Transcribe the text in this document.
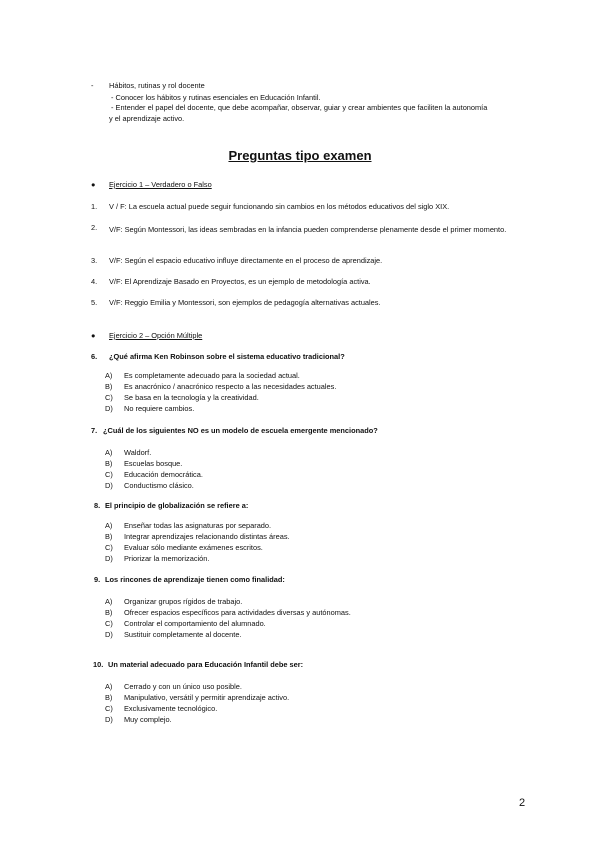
- Hábitos, rutinas y rol docente
- Conocer los hábitos y rutinas esenciales en Educación Infantil.
- Entender el papel del docente, que debe acompañar, observar, guiar y crear ambientes que faciliten la autonomía
y el aprendizaje activo.
Preguntas tipo examen
● Ejercicio 1 – Verdadero o Falso
1. V / F: La escuela actual puede seguir funcionando sin cambios en los métodos educativos del siglo XIX.
2. V/F: Según Montessori, las ideas sembradas en la infancia pueden comprenderse plenamente desde el primer momento.
3. V/F: Según el espacio educativo influye directamente en el proceso de aprendizaje.
4. V/F: El Aprendizaje Basado en Proyectos, es un ejemplo de metodología activa.
5. V/F: Reggio Emilia y Montessori, son ejemplos de pedagogía alternativas actuales.
● Ejercicio 2 – Opción Múltiple
6. ¿Qué afirma Ken Robinson sobre el sistema educativo tradicional?
A) Es completamente adecuado para la sociedad actual.
B) Es anacrónico / anacrónico respecto a las necesidades actuales.
C) Se basa en la tecnología y la creatividad.
D) No requiere cambios.
7. ¿Cuál de los siguientes NO es un modelo de escuela emergente mencionado?
A) Waldorf.
B) Escuelas bosque.
C) Educación democrática.
D) Conductismo clásico.
8. El principio de globalización se refiere a:
A) Enseñar todas las asignaturas por separado.
B) Integrar aprendizajes relacionando distintas áreas.
C) Evaluar sólo mediante exámenes escritos.
D) Priorizar la memorización.
9. Los rincones de aprendizaje tienen como finalidad:
A) Organizar grupos rígidos de trabajo.
B) Ofrecer espacios específicos para actividades diversas y autónomas.
C) Controlar el comportamiento del alumnado.
D) Sustituir completamente al docente.
10. Un material adecuado para Educación Infantil debe ser:
A) Cerrado y con un único uso posible.
B) Manipulativo, versátil y permitir aprendizaje activo.
C) Exclusivamente tecnológico.
D) Muy complejo.
2
